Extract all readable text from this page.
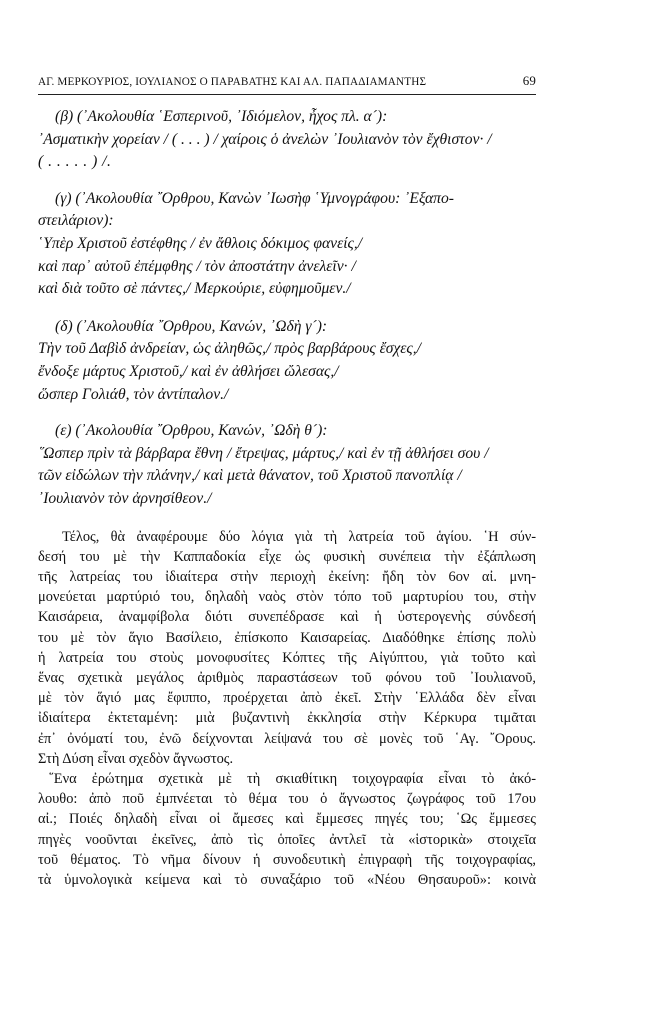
ΑΓ. ΜΕΡΚΟΥΡΙΟΣ, ΙΟΥΛΙΑΝΟΣ Ο ΠΑΡΑΒΑΤΗΣ ΚΑΙ ΑΛ. ΠΑΠΑΔΙΑΜΑΝΤΗΣ	69
(β) (᾿Ακολουθία ῾Εσπερινοῦ, ᾿Ιδιόμελον, ἦχος πλ. α´):
᾿Ασματικὴν χορείαν / ( . . . ) / χαίροις ὁ ἀνελὼν ᾿Ιουλιανὸν τὸν ἔχθιστον· /
( . . . . . ) /.
(γ) (᾿Ακολουθία ῎Ορθρου, Κανὼν ᾿Ιωσὴφ ῾Υμνογράφου: ᾿Εξαπο-
στειλάριον):
῾Υπὲρ Χριστοῦ ἐστέφθης / ἐν ἄθλοις δόκιμος φανείς,/
καὶ παρ᾿ αὐτοῦ ἐπέμφθης / τὸν ἀποστάτην ἀνελεῖν· /
καὶ διὰ τοῦτο σὲ πάντες,/ Μερκούριε, εὐφημοῦμεν./
(δ) (᾿Ακολουθία ῎Ορθρου, Κανών, ᾿Ωδὴ γ´):
Τὴν τοῦ Δαβὶδ ἀνδρείαν, ὡς ἀληθῶς,/ πρὸς βαρβάρους ἔσχες,/
ἔνδοξε μάρτυς Χριστοῦ,/ καὶ ἐν ἀθλήσει ὤλεσας,/
ὥσπερ Γολιάθ, τὸν ἀντίπαλον./
(ε) (᾿Ακολουθία ῎Ορθρου, Κανών, ᾿Ωδὴ θ´):
῞Ωσπερ πρὶν τὰ βάρβαρα ἔθνη / ἔτρεψας, μάρτυς,/ καὶ ἐν τῇ ἀθλήσει σου /
τῶν εἰδώλων τὴν πλάνην,/ καὶ μετὰ θάνατον, τοῦ Χριστοῦ πανοπλίᾳ /
᾿Ιουλιανὸν τὸν ἀρνησίθεον./
Τέλος, θὰ ἀναφέρουμε δύο λόγια γιὰ τὴ λατρεία τοῦ ἁγίου. ῾Η σύν-
δεσή του μὲ τὴν Καππαδοκία εἶχε ὡς φυσικὴ συνέπεια τὴν ἐξάπλωση
τῆς λατρείας του ἰδιαίτερα στὴν περιοχὴ ἐκείνη: ἤδη τὸν 6ον αἰ. μνη-
μονεύεται μαρτύριό του, δηλαδὴ ναὸς στὸν τόπο τοῦ μαρτυρίου του, στὴν
Καισάρεια, ἀναμφίβολα διότι συνεπέδρασε καὶ ἡ ὑστερογενὴς σύνδεσή
του μὲ τὸν ἅγιο Βασίλειο, ἐπίσκοπο Καισαρείας. Διαδόθηκε ἐπίσης πολὺ
ἡ λατρεία του στοὺς μονοφυσίτες Κόπτες τῆς Αἰγύπτου, γιὰ τοῦτο καὶ
ἕνας σχετικὰ μεγάλος ἀριθμὸς παραστάσεων τοῦ φόνου τοῦ ᾿Ιουλιανοῦ,
μὲ τὸν ἅγιό μας ἔφιππο, προέρχεται ἀπὸ ἐκεῖ. Στὴν ῾Ελλάδα δὲν εἶναι
ἰδιαίτερα ἐκτεταμένη: μιὰ βυζαντινὴ ἐκκλησία στὴν Κέρκυρα τιμᾶται
ἐπ᾿ ὀνόματί του, ἐνῶ δείχνονται λείψανά του σὲ μονὲς τοῦ ῾Αγ. ῎Ορους.
Στὴ Δύση εἶναι σχεδὸν ἄγνωστος.
῞Ενα ἐρώτημα σχετικὰ μὲ τὴ σκιαθίτικη τοιχογραφία εἶναι τὸ ἀκό-
λουθο: ἀπὸ ποῦ ἐμπνέεται τὸ θέμα του ὁ ἄγνωστος ζωγράφος τοῦ 17ου
αἰ.; Ποιές δηλαδὴ εἶναι οἱ ἄμεσες καὶ ἔμμεσες πηγές του; ῾Ως ἔμμεσες
πηγὲς νοοῦνται ἐκεῖνες, ἀπὸ τὶς ὁποῖες ἀντλεῖ τὰ «ἱστορικὰ» στοιχεῖα
τοῦ θέματος. Τὸ νῆμα δίνουν ἡ συνοδευτικὴ ἐπιγραφὴ τῆς τοιχογραφίας,
τὰ ὑμνολογικὰ κείμενα καὶ τὸ συναξάριο τοῦ «Νέου Θησαυροῦ»: κοινὰ
